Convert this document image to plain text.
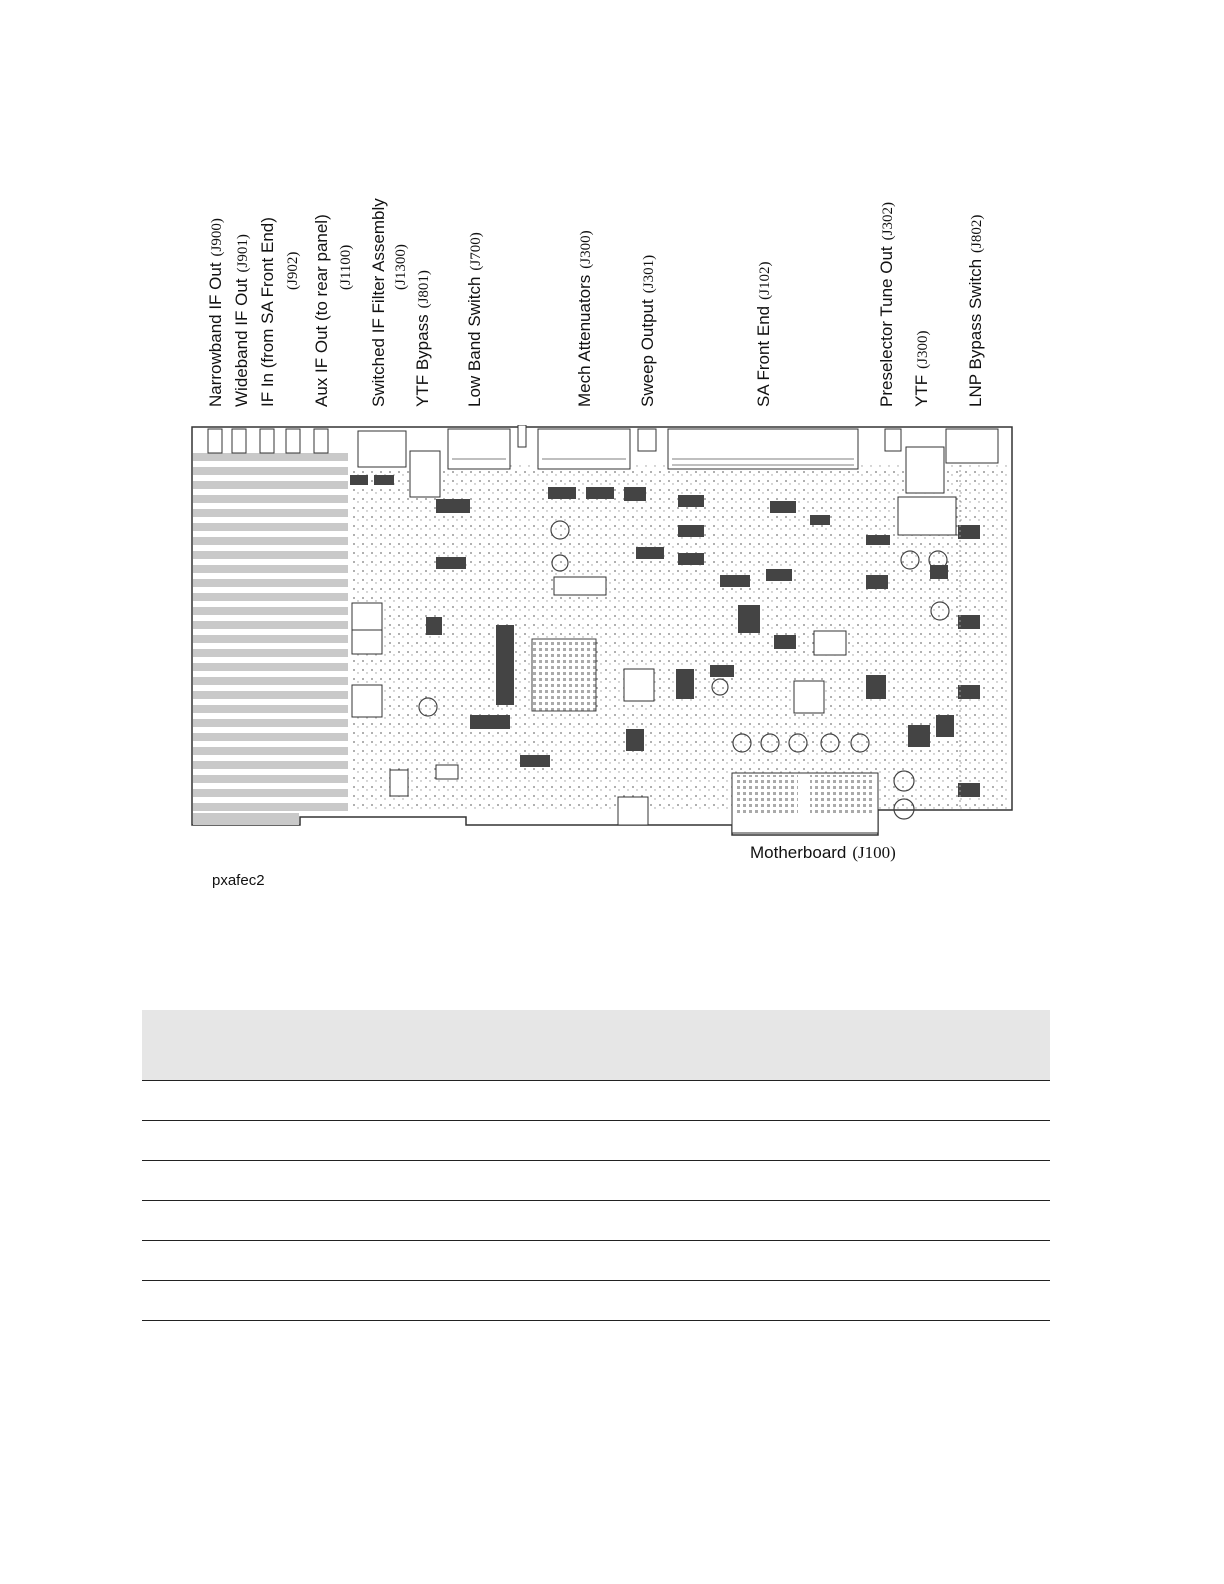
Narrowband IF Out(J900)
Wideband IF Out(J901) IF In (from SA Front End) (J902) Aux IF Out (to rear panel) (J1100) Switched IF Filter Assembly (J1300)
YTF Bypass(J801) Low Band Switch(J700)
Mech Attenuators(J300)
Sweep Output(J301)
SA Front End(J102)	Preselector Tune Out(J302)
YTF(J300) LNP Bypass Switch(J802)
Motherboard (J100)
pxafec2
